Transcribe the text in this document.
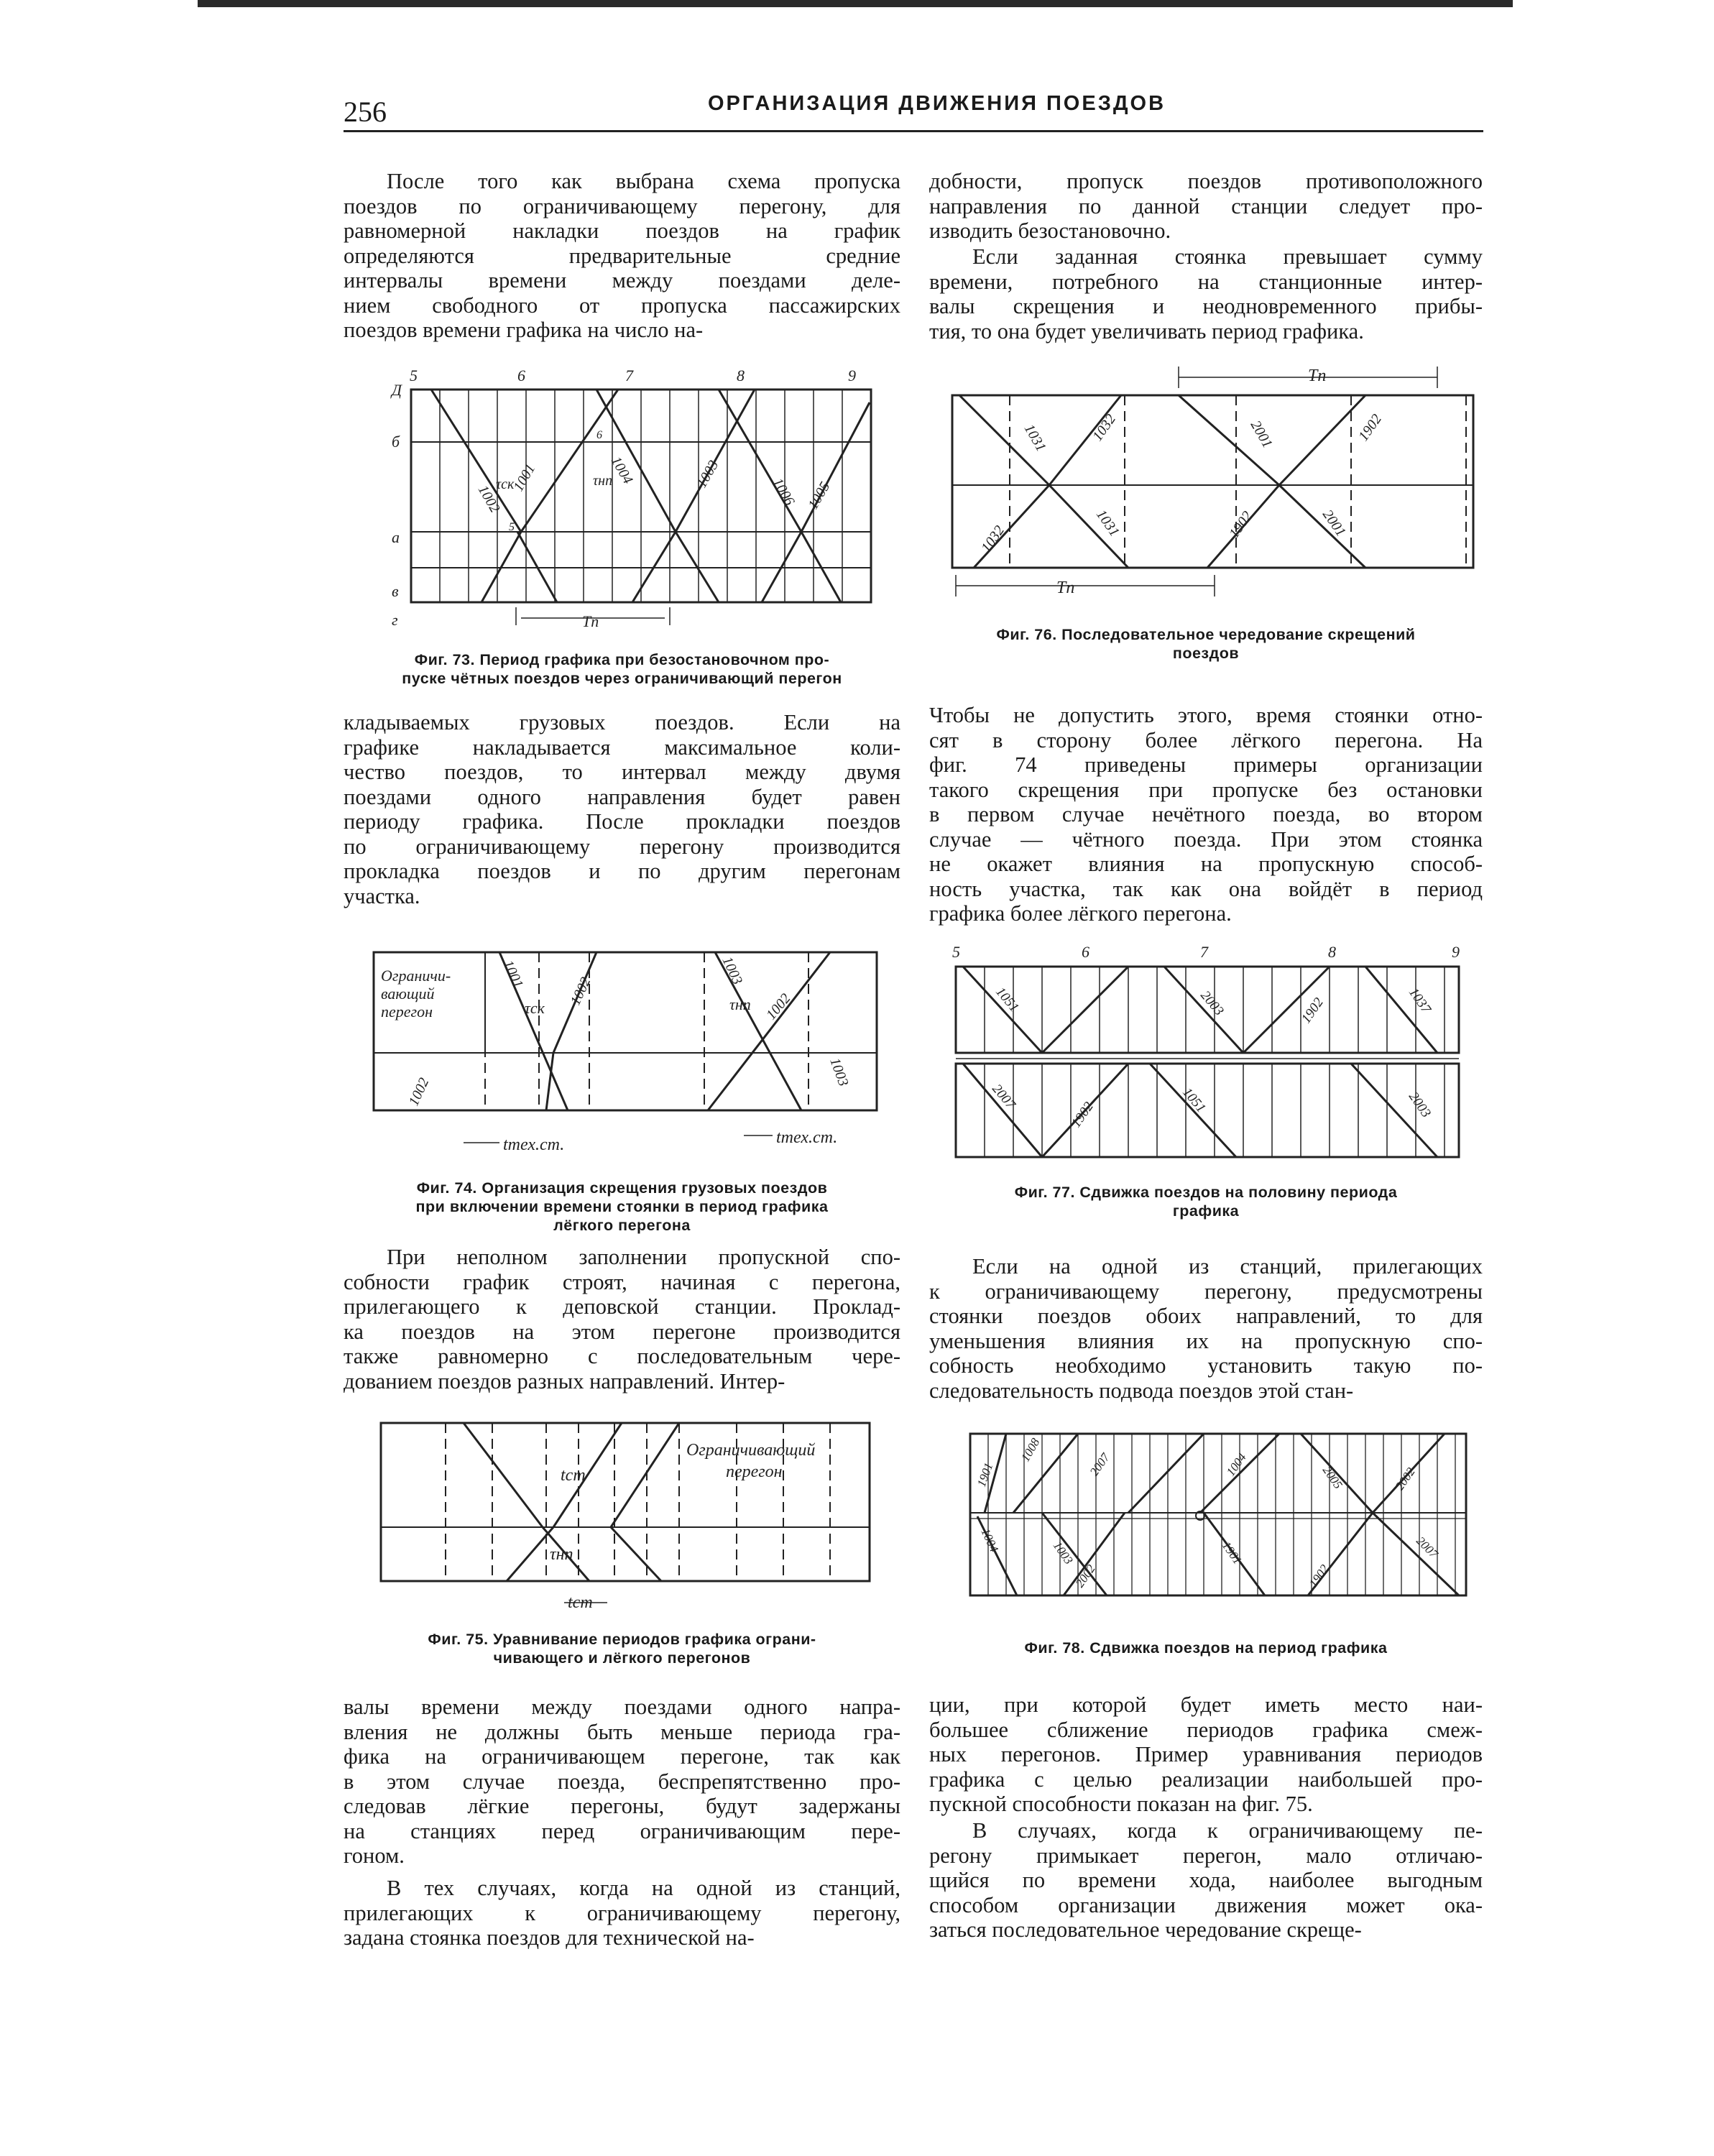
256	ОРГАНИЗАЦИЯ ДВИЖЕНИЯ ПОЕЗДОВ
После того как выбрана схема пропуска
поездов по ограничивающему перегону, для
равномерной накладки поездов на график
определяются предварительные средние
интервалы времени между поездами деле-
нием свободного от пропуска пассажирских
поездов времени графика на число на-
кладываемых грузовых поездов. Если на
графике накладывается максимальное коли-
чество поездов, то интервал между двумя
поездами одного направления будет равен
периоду графика. После прокладки поездов
по ограничивающему перегону производится
прокладка поездов и по другим перегонам
участка.
При неполном заполнении пропускной спо-
собности график строят, начиная с перегона,
прилегающего к деповской станции. Проклад-
ка поездов на этом перегоне производится
также равномерно с последовательным чере-
дованием поездов разных направлений. Интер-
валы времени между поездами одного напра-
вления не должны быть меньше периода гра-
фика на ограничивающем перегоне, так как
в этом случае поезда, беспрепятственно про-
следовав лёгкие перегоны, будут задержаны
на станциях перед ограничивающим пере-
гоном.
В тех случаях, когда на одной из станций,
прилегающих к ограничивающему перегону,
задана стоянка поездов для технической на-
добности, пропуск поездов противоположного
направления по данной станции следует про-
изводить безостановочно.
Если заданная стоянка превышает сумму
времени, потребного на станционные интер-
валы скрещения и неодновременного прибы-
тия, то она будет увеличивать период графика.
Чтобы не допустить этого, время стоянки отно-
сят в сторону более лёгкого перегона. На
фиг. 74 приведены примеры организации
такого скрещения при пропуске без остановки
в первом случае нечётного поезда, во втором
случае — чётного поезда. При этом стоянка
не окажет влияния на пропускную способ-
ность участка, так как она войдёт в период
графика более лёгкого перегона.
Если на одной из станций, прилегающих
к ограничивающему перегону, предусмотрены
стоянки поездов обоих направлений, то для
уменьшения влияния их на пропускную спо-
собность необходимо установить такую по-
следовательность подвода поездов этой стан-
ции, при которой будет иметь место наи-
большее сближение периодов графика смеж-
ных перегонов. Пример уравнивания периодов
графика с целью реализации наибольшей про-
пускной способности показан на фиг. 75.
В случаях, когда к ограничивающему пе-
регону примыкает перегон, мало отличаю-
щийся по времени хода, наиболее выгодным
способом организации движения может ока-
заться последовательное чередование скреще-
5	6	7	8	9
Д
б
а
в
г
1002
1001	1004	1003
1006 1005
τск	τнп
Tп
5
6
Фиг. 73. Период графика при безостановочном про-
пуске чётных поездов через ограничивающий перегон
Ограничи-
вающий
перегон
1001
1002
1002
1003
1002
1003
τск	τнп
tтех.ст.	tтех.ст.
Фиг. 74. Организация скрещения грузовых поездов
при включении времени стоянки в период графика
лёгкого перегона
Ограничивающий
перегон
tст
τнп
tст
Фиг. 75. Уравнивание периодов графика ограни-
чивающего и лёгкого перегонов
Tп
Tп
1031	1032	2001	1902
1032	1031	1902	2001
Фиг. 76. Последовательное чередование скрещений
поездов
5	6	7	8	9
1051	2003	1902	1037
2007
1902	1051	2003
Фиг. 77. Сдвижка поездов на половину периода
графика
1901
1008
2007	1004	2005	2002
1004	1003
2002
1901
1902
2007
Фиг. 78. Сдвижка поездов на период графика
